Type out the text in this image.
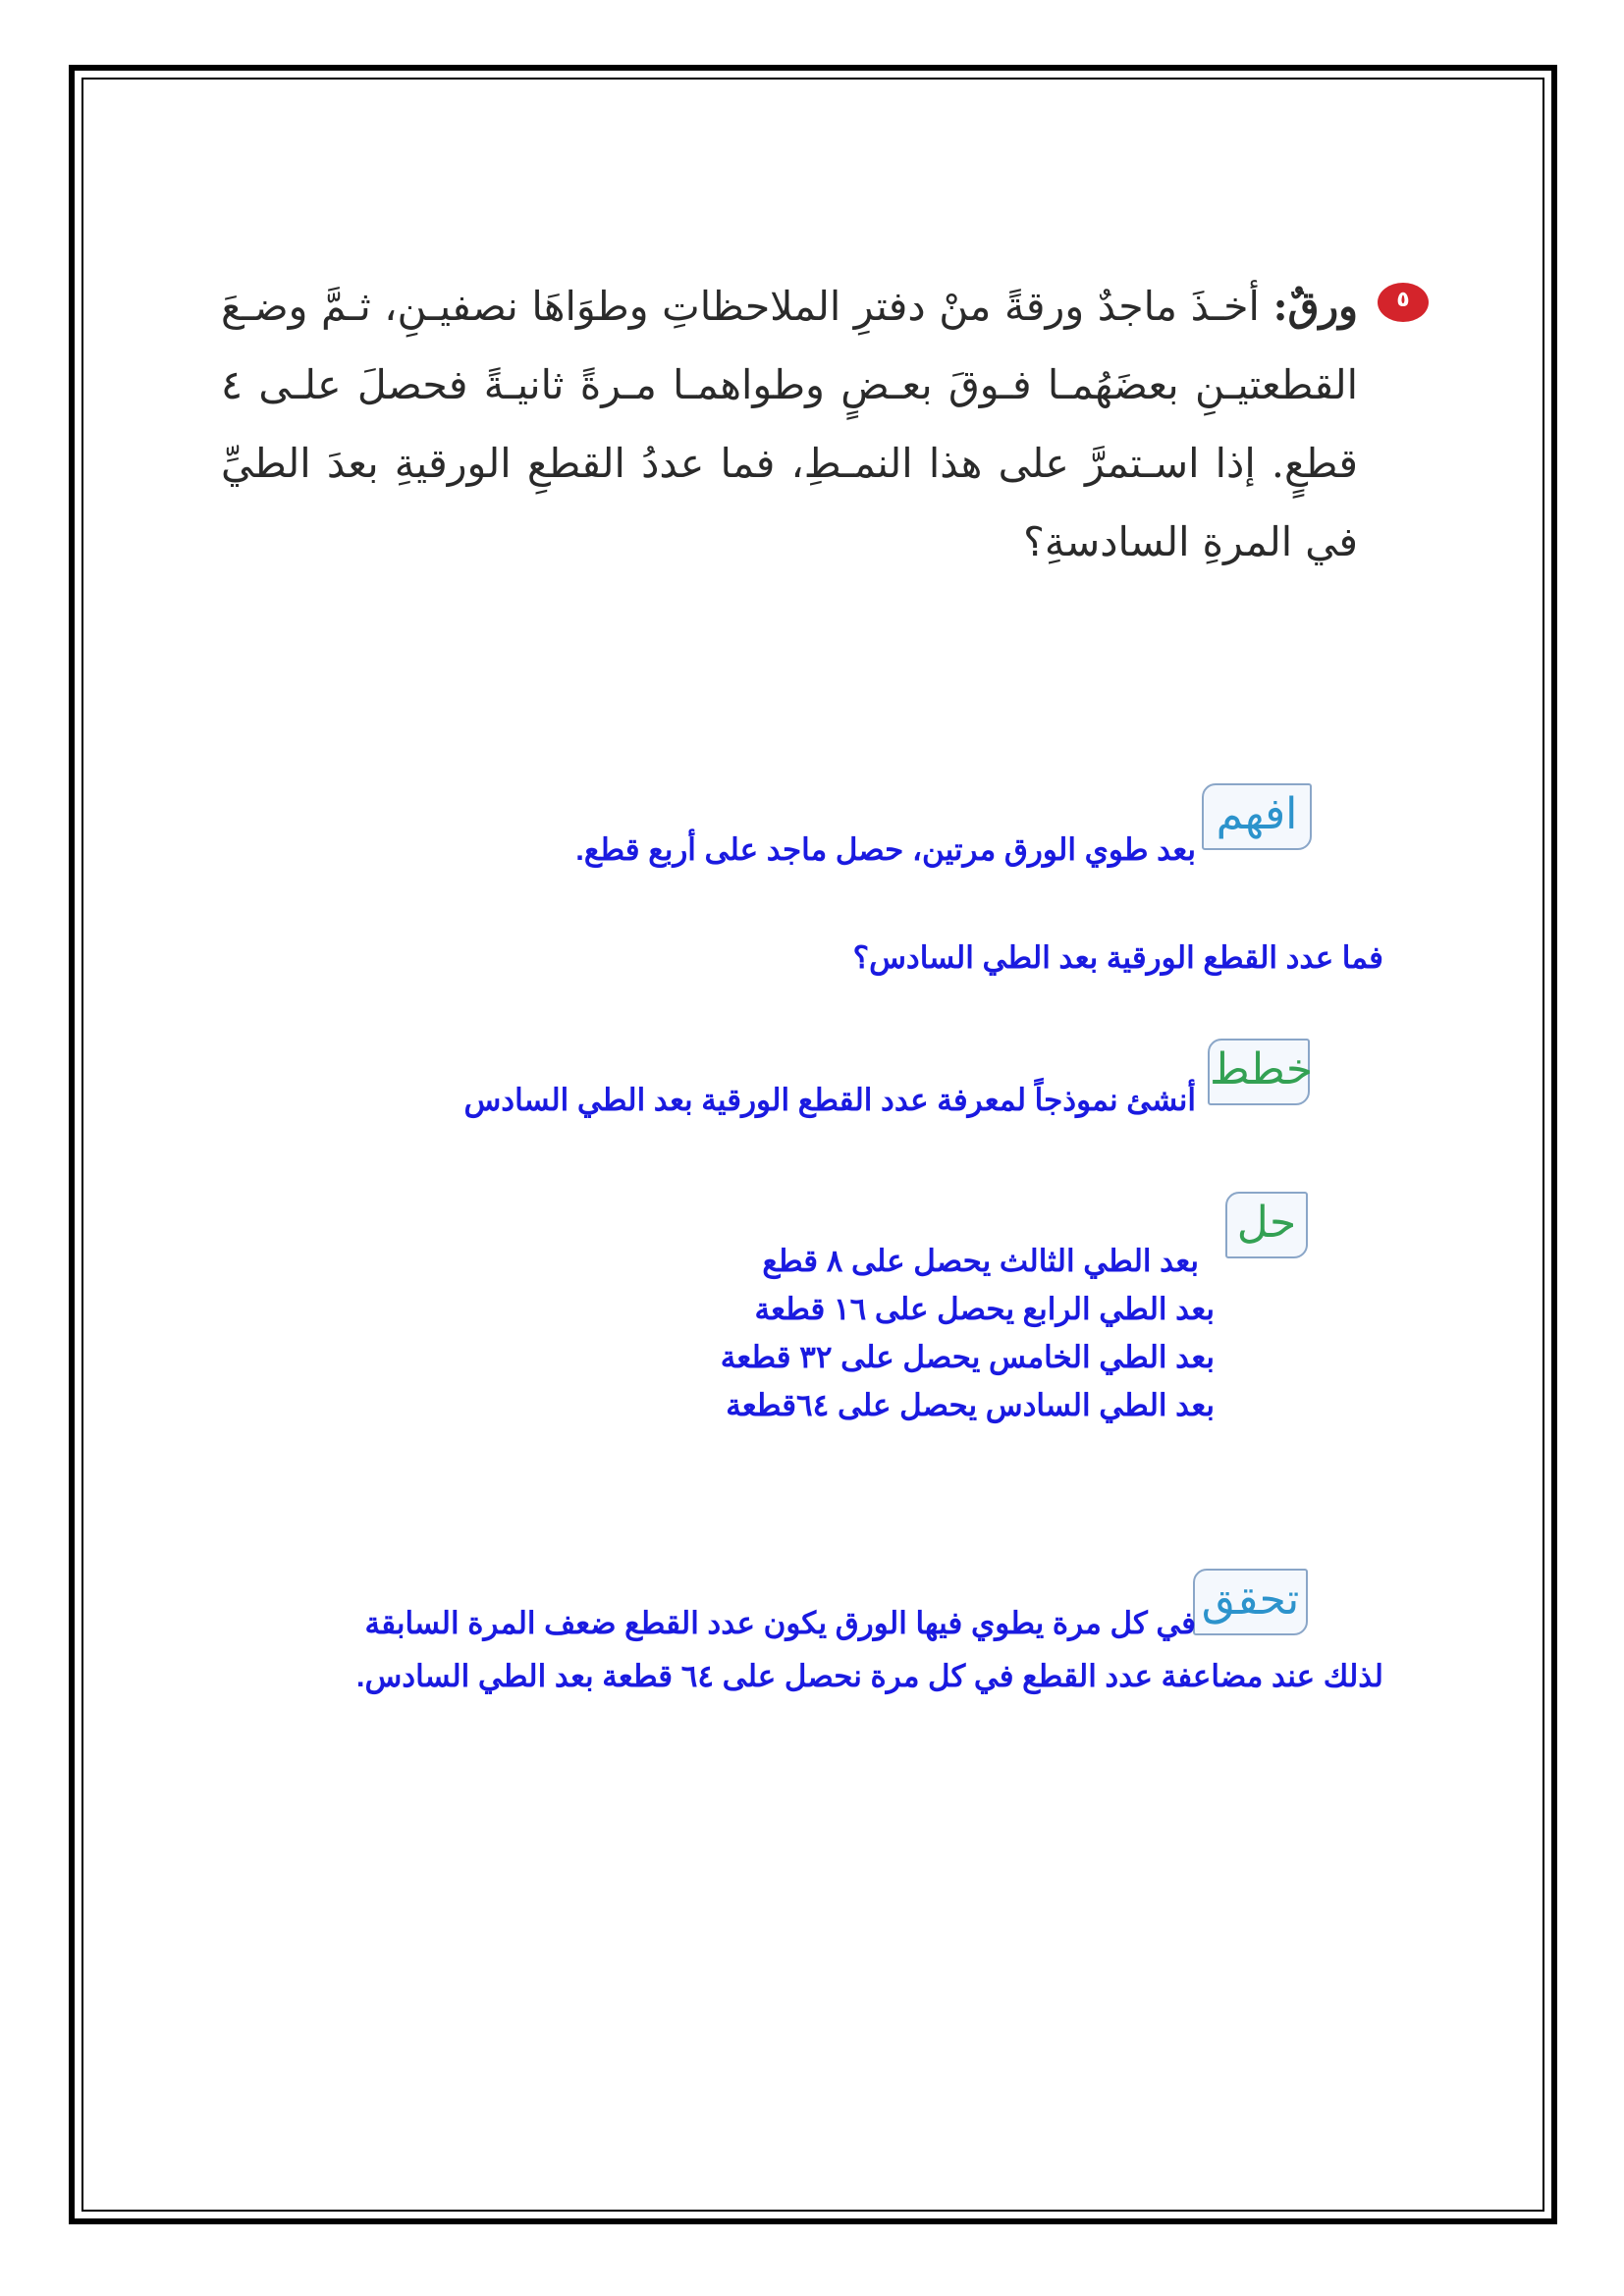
٥
ورقٌ: أخـذَ ماجدٌ ورقةً منْ دفترِ الملاحظاتِ وطوَاهَا نصفيـنِ، ثـمَّ وضـعَ القطعتيـنِ بعضَهُمـا فـوقَ بعـضٍ وطواهمـا مـرةً ثانيـةً فحصلَ علـى ٤ قطعٍ. إذا اسـتمرَّ على هذا النمـطِ، فما عددُ القطعِ الورقيةِ بعدَ الطيِّ في المرةِ السادسةِ؟
افهم
بعد طوي الورق مرتين، حصل ماجد على أربع قطع.
فما عدد القطع الورقية بعد الطي السادس؟
خطط
أنشئ نموذجاً لمعرفة عدد القطع الورقية بعد الطي السادس
حل
بعد الطي الثالث يحصل على ٨ قطع
بعد الطي الرابع يحصل على ١٦ قطعة
بعد الطي الخامس يحصل على ٣٢ قطعة
بعد الطي السادس يحصل على ٦٤قطعة
تحقق
في كل مرة يطوي فيها الورق يكون عدد القطع ضعف المرة السابقة
لذلك عند مضاعفة عدد القطع في كل مرة نحصل على ٦٤ قطعة بعد الطي السادس.
